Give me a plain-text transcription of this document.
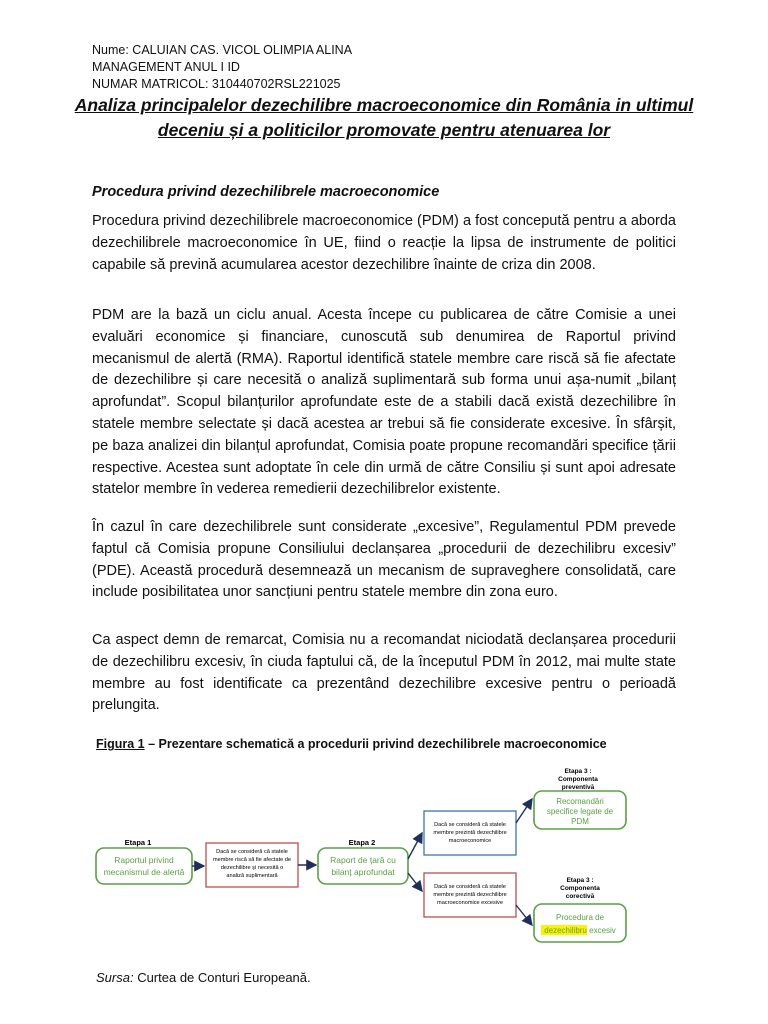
Nume: CALUIAN CAS. VICOL OLIMPIA ALINA
MANAGEMENT ANUL I ID
NUMAR MATRICOL: 310440702RSL221025
Analiza principalelor dezechilibre macroeconomice din România in ultimul deceniu și a politicilor promovate pentru atenuarea lor
Procedura privind dezechilibrele macroeconomice

Procedura privind dezechilibrele macroeconomice (PDM) a fost concepută pentru a aborda dezechilibrele macroeconomice în UE, fiind o reacție la lipsa de instrumente de politici capabile să prevină acumularea acestor dezechilibre înainte de criza din 2008.

PDM are la bază un ciclu anual. Acesta începe cu publicarea de către Comisie a unei evaluări economice și financiare, cunoscută sub denumirea de Raportul privind mecanismul de alertă (RMA). Raportul identifică statele membre care riscă să fie afectate de dezechilibre și care necesită o analiză suplimentară sub forma unui așa-numit „bilanț aprofundat”. Scopul bilanțurilor aprofundate este de a stabili dacă există dezechilibre în statele membre selectate și dacă acestea ar trebui să fie considerate excesive. În sfârșit, pe baza analizei din bilanțul aprofundat, Comisia poate propune recomandări specifice țării respective. Acestea sunt adoptate în cele din urmă de către Consiliu și sunt apoi adresate statelor membre în vederea remedierii dezechilibrelor existente.

În cazul în care dezechilibrele sunt considerate „excesive”, Regulamentul PDM prevede faptul că Comisia propune Consiliului declanșarea „procedurii de dezechilibru excesiv” (PDE). Această procedură desemnează un mecanism de supraveghere consolidată, care include posibilitatea unor sancțiuni pentru statele membre din zona euro.

Ca aspect demn de remarcat, Comisia nu a recomandat niciodată declanșarea procedurii de dezechilibru excesiv, în ciuda faptului că, de la începutul PDM în 2012, mai multe state membre au fost identificate ca prezentând dezechilibre excesive pentru o perioadă prelungita.

Figura 1 – Prezentare schematică a procedurii privind dezechilibrele macroeconomice
Etapa 1
Raportul privind
mecanismul de alertă
Dacă se consideră că statele
membre riscă să fie afectate de
dezechilibre și necesită o
analiză suplimentară
Etapa 2
Raport de țară cu
bilanț aprofundat
Dacă se consideră că statele
membre prezintă dezechilibre
macroeconomice
Dacă se consideră că statele
membre prezintă dezechilibre
macroeconomice excesive
Etapa 3 :
Componenta
preventivă
Recomandări
specifice legate de
PDM
Etapa 3 :
Componenta
corectivă
Procedura de
dezechilibru excesiv
Sursa: Curtea de Conturi Europeană.
